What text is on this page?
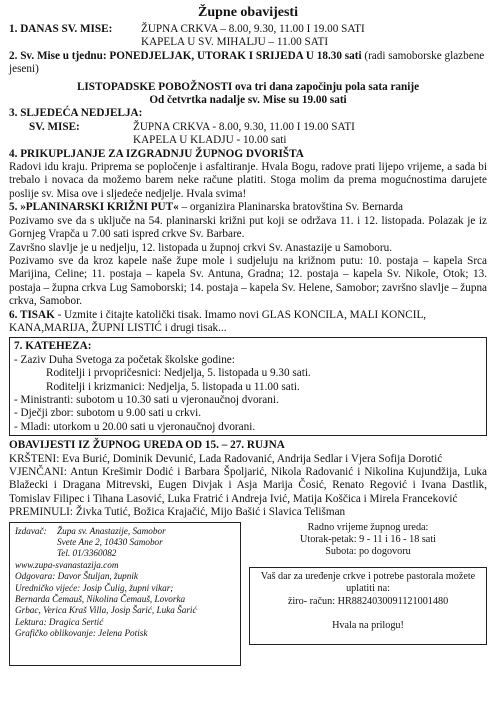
Župne obavijesti
1. DANAS SV. MISE:	ŽUPNA CRKVA – 8.00, 9.30, 11.00 I 19.00 SATI
KAPELA U SV. MIHALJU – 11.00 SATI

2. Sv. Mise u tjednu: PONEDJELJAK, UTORAK I SRIJEDA U 18.30 sati (radi samoborske glazbene jeseni)

LISTOPADSKE POBOŽNOSTI ova tri dana započinju pola sata ranije
Od četvrtka nadalje sv. Mise su 19.00 sati
3. SLJEDEĆA NEDJELJA:
SV. MISE:	ŽUPNA CRKVA - 8.00, 9.30, 11.00 I 19.00 SATI
KAPELA U KLADJU - 10.00 sati
4. PRIKUPLJANJE ZA IZGRADNJU ŽUPNOG DVORIŠTA

Radovi idu kraju. Priprema se popločenje i asfaltiranje. Hvala Bogu, radove prati lijepo vrijeme, a sada bi trebalo i novaca da možemo barem neke račune platiti. Stoga molim da prema mogućnostima darujete poslije sv. Misa ove i sljedeće nedjelje. Hvala svima!

5. »PLANINARSKI KRIŽNI PUT« – organizira Planinarska bratovština Sv. Bernarda

Pozivamo sve da s uključe na 54. planinarski križni put koji se održava 11. i 12. listopada. Polazak je iz Gornjeg Vrapča u 7.00 sati ispred crkve Sv. Barbare.

Završno slavlje je u nedjelju, 12. listopada u župnoj crkvi Sv. Anastazije u Samoboru.

Pozivamo sve da kroz kapele naše župe mole i sudjeluju na križnom putu: 10. postaja – kapela Srca Marijina, Celine; 11. postaja – kapela Sv. Antuna, Gradna; 12. postaja – kapela Sv. Nikole, Otok; 13. postaja – župna crkva Lug Samoborski; 14. postaja – kapela Sv. Helene, Samobor; završno slavlje – župna crkva, Samobor.

6. TISAK - Uzmite i čitajte katolički tisak. Imamo novi GLAS KONCILA, MALI KONCIL, KANA,MARIJA, ŽUPNI LISTIĆ i drugi tisak...

7. KATEHEZA:
- Zaziv Duha Svetoga za početak školske godine:
Roditelji i prvopričesnici: Nedjelja, 5. listopada u 9.30 sati.
Roditelji i krizmanici: Nedjelja, 5. listopada u 11.00 sati.
- Ministranti: subotom u 10.30 sati u vjeronaučnoj dvorani.
- Dječji zbor: subotom u 9.00 sati u crkvi.
- Mladi: utorkom u 20.00 sati u vjeronaučnoj dvorani.
OBAVIJESTI IZ ŽUPNOG UREDA OD 15. – 27. RUJNA

KRŠTENI: Eva Burić, Dominik Devunić, Lada Radovanić, Andrija Sedlar i Vjera Sofija Dorotić

VJENČANI: Antun Krešimir Dodić i Barbara Špoljarić, Nikola Radovanić i Nikolina Kujundžija, Luka Blažecki i Dragana Mitrevski, Eugen Divjak i Asja Marija Čosić, Renato Regović i Ivana Dastlik, Tomislav Filipec i Tihana Lasović, Luka Fratrić i Andreja Ivić, Matija Koščica i Mirela Franceković

PREMINULI: Živka Tutić, Božica Krajačić, Mijo Bašić i Slavica Telišman

Izdavač: Župa sv. Anastazije, Samobor
Svete Ane 2, 10430 Samobor
Tel. 01/3360082
www.zupa-svanastazija.com
Odgovara: Davor Štuljan, župnik
Uredničko vijeće: Josip Čulig, župni vikar;
Bernarda Čemauš, Nikolina Čemauš, Lovorka
Grbac, Verica Kraš Villa, Josip Šarić, Luka Šarić
Lektura: Dragica Sertić
Grafičko oblikovanje: Jelena Potisk
Radno vrijeme župnog ureda:
Utorak-petak: 9 - 11 i 16 - 18 sati
Subota: po dogovoru
Vaš dar za uređenje crkve i potrebe pastoralа možete uplatiti na:
žiro- račun: HR8824030091121001480
Hvala na prilogu!
